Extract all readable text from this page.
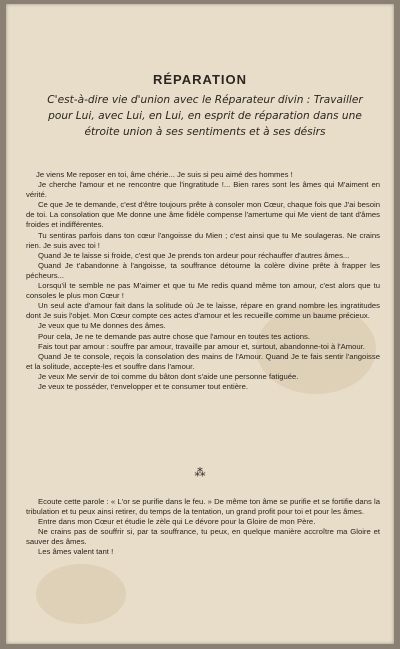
RÉPARATION
C'est-à-dire vie d'union avec le Réparateur divin : Travailler pour Lui, avec Lui, en Lui, en esprit de réparation dans une étroite union à ses sentiments et à ses désirs

Je viens Me reposer en toi, âme chérie... Je suis si peu aimé des hommes !

Je cherche l'amour et ne rencontre que l'ingratitude !... Bien rares sont les âmes qui M'aiment en vérité.

Ce que Je te demande, c'est d'être toujours prête à consoler mon Cœur, chaque fois que J'ai besoin de toi. La consolation que Me donne une âme fidèle compense l'amertume qui Me vient de tant d'âmes froides et indifférentes.

Tu sentiras parfois dans ton cœur l'angoisse du Mien ; c'est ainsi que tu Me soulageras. Ne crains rien. Je suis avec toi !

Quand Je te laisse si froide, c'est que Je prends ton ardeur pour réchauffer d'autres âmes...

Quand Je t'abandonne à l'angoisse, ta souffrance détourne la colère divine prête à frapper les pécheurs...

Lorsqu'il te semble ne pas M'aimer et que tu Me redis quand même ton amour, c'est alors que tu consoles le plus mon Cœur !

Un seul acte d'amour fait dans la solitude où Je te laisse, répare en grand nombre les ingratitudes dont Je suis l'objet. Mon Cœur compte ces actes d'amour et les recueille comme un baume précieux.

Je veux que tu Me donnes des âmes.

Pour cela, Je ne te demande pas autre chose que l'amour en toutes tes actions.

Fais tout par amour : souffre par amour, travaille par amour et, surtout, abandonne-toi à l'Amour.

Quand Je te console, reçois la consolation des mains de l'Amour. Quand Je te fais sentir l'angoisse et la solitude, accepte-les et souffre dans l'amour.

Je veux Me servir de toi comme du bâton dont s'aide une personne fatiguée.

Je veux te posséder, t'envelopper et te consumer tout entière.

⁂

Ecoute cette parole : « L'or se purifie dans le feu. » De même ton âme se purifie et se fortifie dans la tribulation et tu peux ainsi retirer, du temps de la tentation, un grand profit pour toi et pour les âmes.

Entre dans mon Cœur et étudie le zèle qui Le dévore pour la Gloire de mon Père.

Ne crains pas de souffrir si, par ta souffrance, tu peux, en quelque manière accroître ma Gloire et sauver des âmes.

Les âmes valent tant !
